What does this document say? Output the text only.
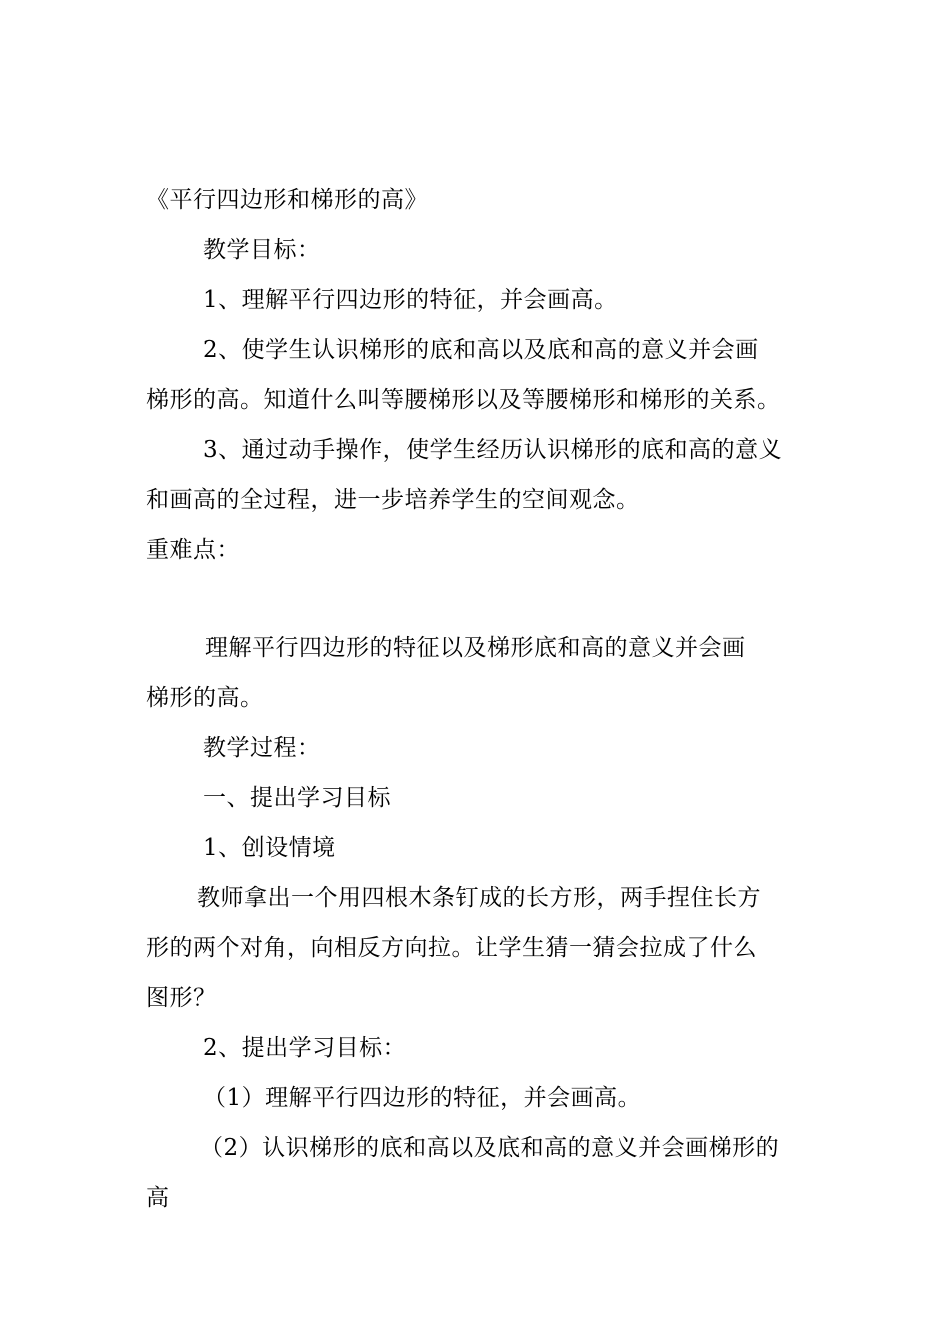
《平行四边形和梯形的高》
教学目标：
1、理解平行四边形的特征，并会画高。
2、使学生认识梯形的底和高以及底和高的意义并会画
梯形的高。知道什么叫等腰梯形以及等腰梯形和梯形的关系。
3、通过动手操作，使学生经历认识梯形的底和高的意义
和画高的全过程，进一步培养学生的空间观念。
重难点：
理解平行四边形的特征以及梯形底和高的意义并会画
梯形的高。
教学过程：
一、提出学习目标
1、创设情境
教师拿出一个用四根木条钉成的长方形，两手捏住长方
形的两个对角，向相反方向拉。让学生猜一猜会拉成了什么
图形？
2、提出学习目标：
（1）理解平行四边形的特征，并会画高。
（2）认识梯形的底和高以及底和高的意义并会画梯形的
高
